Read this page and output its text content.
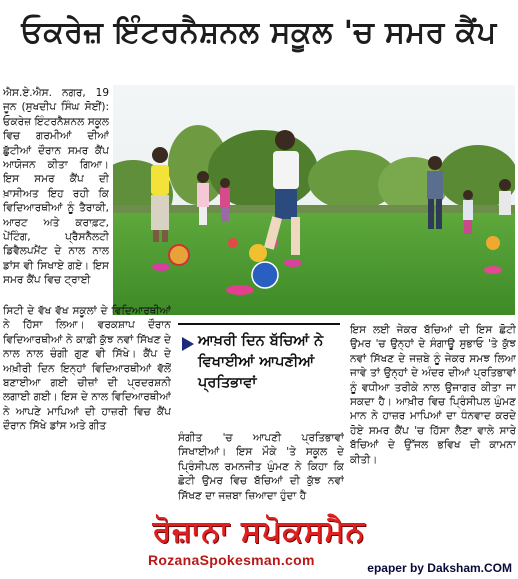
ਓਕਰੇਜ਼ ਇੰਟਰਨੈਸ਼ਨਲ ਸਕੂਲ 'ਚ ਸਮਰ ਕੈਂਪ

ਐਸ.ਏ.ਐਸ. ਨਗਰ, 19 ਜੂਨ (ਸੁਖਦੀਪ ਸਿੰਘ ਸੋਈਂ): ਓਕਰੇਜ਼ ਇੰਟਰਨੈਸ਼ਨਲ ਸਕੂਲ ਵਿਚ ਗਰਮੀਆਂ ਦੀਆਂ ਛੁੱਟੀਆਂ ਦੌਰਾਨ ਸਮਰ ਕੈਂਪ ਆਯੋਜਨ ਕੀਤਾ ਗਿਆ। ਇਸ ਸਮਰ ਕੈਂਪ ਦੀ ਖ਼ਾਸੀਅਤ ਇਹ ਰਹੀ ਕਿ ਵਿਦਿਆਰਥੀਆਂ ਨੂੰ ਤੈਰਾਕੀ, ਆਰਟ ਅਤੇ ਕਰਾਫ਼ਟ, ਪੇਂਟਿੰਗ, ਪ੍ਰੈਸਨੈਲਟੀ ਡਿਵੈਲਪਮੈਂਟ ਦੇ ਨਾਲ ਨਾਲ ਡਾਂਸ ਵੀ ਸਿਖਾਏ ਗਏ। ਇਸ ਸਮਰ ਕੈਂਪ ਵਿਚ ਟ੍ਰਾਈ

ਸਿਟੀ ਦੇ ਵੱਖ ਵੱਖ ਸਕੂਲਾਂ ਦੇ ਵਿਦਿਆਰਥੀਆਂ ਨੇ ਹਿੱਸਾ ਲਿਆ। ਵਰਕਸ਼ਾਪ ਦੌਰਾਨ ਵਿਦਿਆਰਥੀਆਂ ਨੇ ਕਾਫ਼ੀ ਕੁੱਝ ਨਵਾਂ ਸਿੱਖਣ ਦੇ ਨਾਲ ਨਾਲ ਚੰਗੀ ਗੁਣ ਵੀ ਸਿੱਖੇ। ਕੈਂਪ ਦੇ ਅਖ਼ੀਰੀ ਦਿਨ ਇਨ੍ਹਾਂ ਵਿਦਿਆਰਥੀਆਂ ਵੱਲੋਂ ਬਣਾਈਆ ਗਈ ਚੀਜ਼ਾਂ ਦੀ ਪ੍ਰਦਰਸ਼ਨੀ ਲਗਾਈ ਗਈ। ਇਸ ਦੇ ਨਾਲ ਵਿਦਿਆਰਥੀਆਂ ਨੇ ਆਪਣੇ ਮਾਪਿਆਂ ਦੀ ਹਾਜ਼ਰੀ ਵਿਚ ਕੈਂਪ ਦੌਰਾਨ ਸਿੱਖੇ ਡਾਂਸ ਅਤੇ ਗੀਤ

ਆਖ਼ਰੀ ਦਿਨ ਬੱਚਿਆਂ ਨੇ ਵਿਖਾਈਆਂ ਆਪਣੀਆਂ ਪ੍ਰਤਿਭਾਵਾਂ

ਸੰਗੀਤ 'ਚ ਆਪਣੀ ਪ੍ਰਤਿਭਾਵਾਂ ਸਿਖਾਈਆਂ। ਇਸ ਮੌਕੇ 'ਤੇ ਸਕੂਲ ਦੇ ਪ੍ਰਿੰਸੀਪਲ ਰਮਨਜੀਤ ਘੁੰਮਣ ਨੇ ਕਿਹਾ ਕਿ ਛੋਟੀ ਉਮਰ ਵਿਚ ਬੱਚਿਆਂ ਦੀ ਕੁੱਝ ਨਵਾਂ ਸਿੱਖਣ ਦਾ ਜਜ਼ਬਾ ਜ਼ਿਆਦਾ ਹੁੰਦਾ ਹੈ

ਇਸ ਲਈ ਜੇਕਰ ਬੱਚਿਆਂ ਦੀ ਇਸ ਛੋਟੀ ਉਮਰ 'ਚ ਉਨ੍ਹਾਂ ਦੇ ਸੰਗਾਊ ਸੁਭਾਓ 'ਤੇ ਕੁੱਝ ਨਵਾਂ ਸਿੱਖਣ ਦੇ ਜਜ਼ਬੇ ਨੂੰ ਜੇਕਰ ਸਮਝ ਲਿਆ ਜਾਵੇ ਤਾਂ ਉਨ੍ਹਾਂ ਦੇ ਅੰਦਰ ਦੀਆਂ ਪ੍ਰਤਿਭਾਵਾਂ ਨੂੰ ਵਧੀਆ ਤਰੀਕੇ ਨਾਲ ਉਜਾਗਰ ਕੀਤਾ ਜਾ ਸਕਦਾ ਹੈ। ਆਖ਼ੀਰ ਵਿਚ ਪ੍ਰਿੰਸੀਪਲ ਘੁੰਮਣ ਮਾਨ ਨੇ ਹਾਜ਼ਰ ਮਾਪਿਆਂ ਦਾ ਧੰਨਵਾਦ ਕਰਦੇ ਹੋਏ ਸਮਰ ਕੈਂਪ 'ਚ ਹਿੱਸਾ ਲੈਣਾ ਵਾਲੇ ਸਾਰੇ ਬੱਚਿਆਂ ਦੇ ਉੱਜਲ ਭਵਿਖ ਦੀ ਕਾਮਨਾ ਕੀਤੀ।

ਰੋਜ਼ਾਨਾ ਸਪੋਕਸਮੈਨ
RozanaSpokesman.com	epaper by Daksham.COM
